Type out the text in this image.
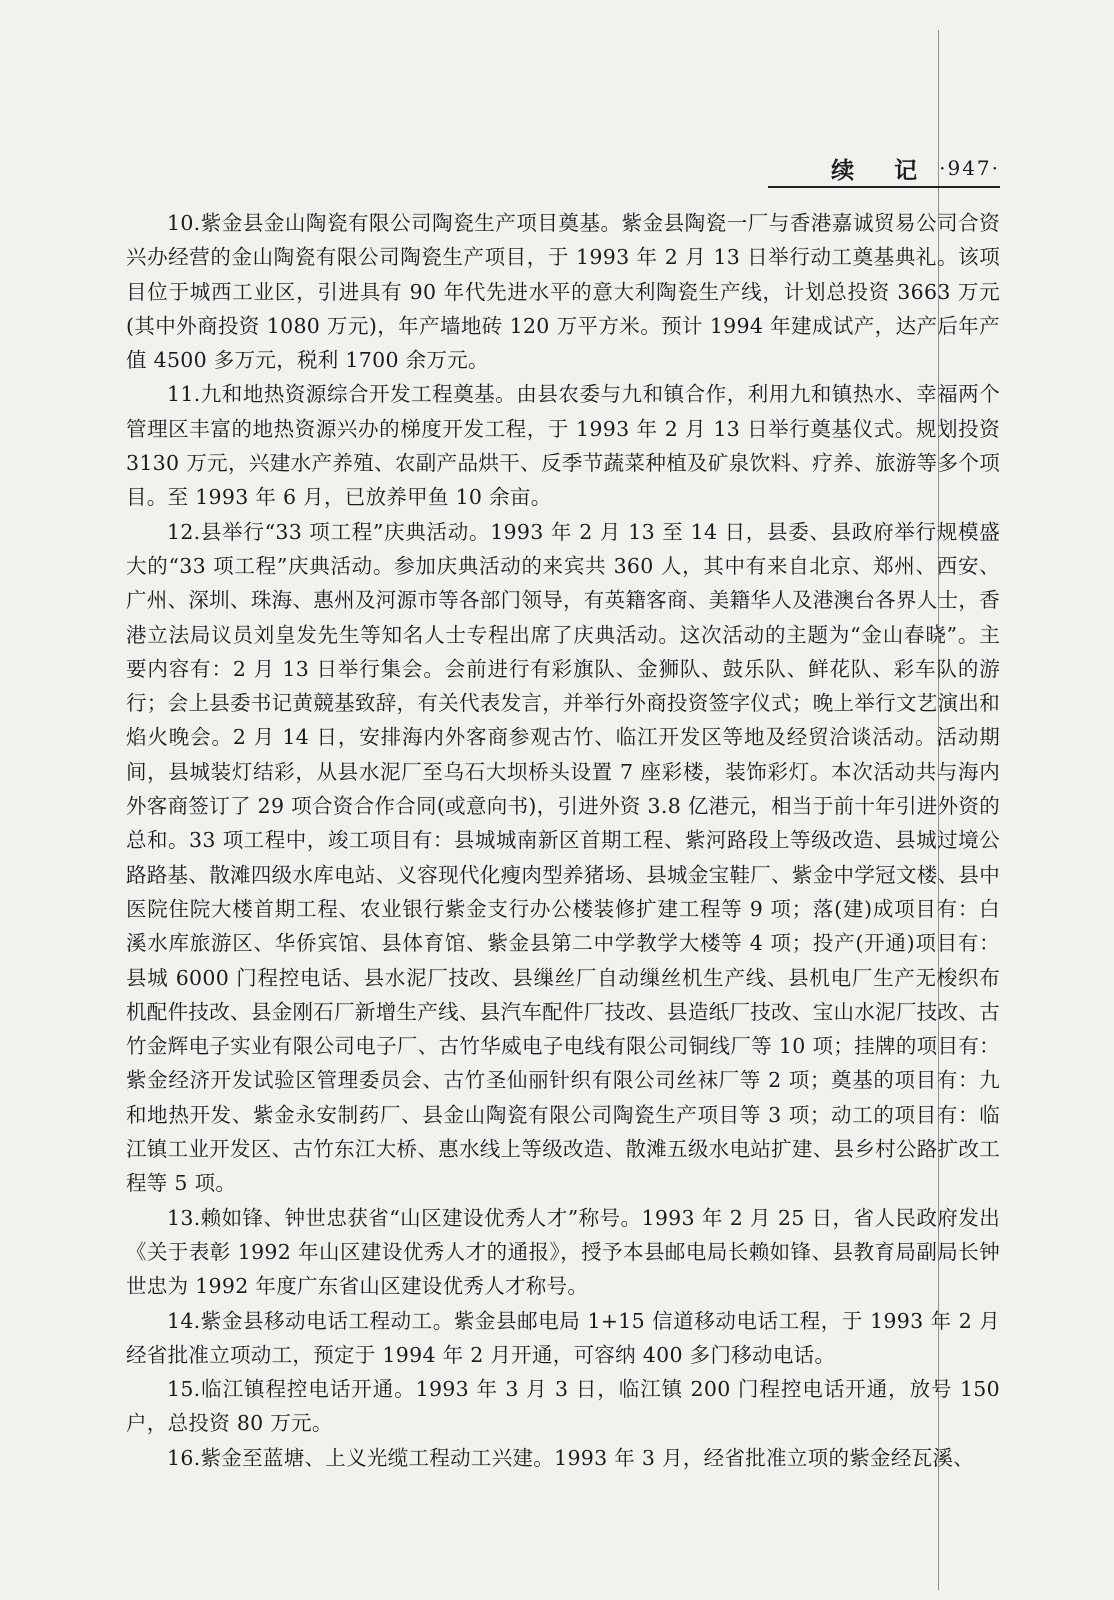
续 记 ·947·

10.紫金县金山陶瓷有限公司陶瓷生产项目奠基。紫金县陶瓷一厂与香港嘉诚贸易公司合资兴办经营的金山陶瓷有限公司陶瓷生产项目，于 1993 年 2 月 13 日举行动工奠基典礼。该项目位于城西工业区，引进具有 90 年代先进水平的意大利陶瓷生产线，计划总投资 3663 万元(其中外商投资 1080 万元)，年产墙地砖 120 万平方米。预计 1994 年建成试产，达产后年产值 4500 多万元，税利 1700 余万元。

11.九和地热资源综合开发工程奠基。由县农委与九和镇合作，利用九和镇热水、幸福两个管理区丰富的地热资源兴办的梯度开发工程，于 1993 年 2 月 13 日举行奠基仪式。规划投资 3130 万元，兴建水产养殖、农副产品烘干、反季节蔬菜种植及矿泉饮料、疗养、旅游等多个项目。至 1993 年 6 月，已放养甲鱼 10 余亩。

12.县举行“33 项工程”庆典活动。1993 年 2 月 13 至 14 日，县委、县政府举行规模盛大的“33 项工程”庆典活动。参加庆典活动的来宾共 360 人，其中有来自北京、郑州、西安、广州、深圳、珠海、惠州及河源市等各部门领导，有英籍客商、美籍华人及港澳台各界人士，香港立法局议员刘皇发先生等知名人士专程出席了庆典活动。这次活动的主题为“金山春晓”。主要内容有：2 月 13 日举行集会。会前进行有彩旗队、金狮队、鼓乐队、鲜花队、彩车队的游行；会上县委书记黄競基致辞，有关代表发言，并举行外商投资签字仪式；晚上举行文艺演出和焰火晚会。2 月 14 日，安排海内外客商参观古竹、临江开发区等地及经贸洽谈活动。活动期间，县城装灯结彩，从县水泥厂至乌石大坝桥头设置 7 座彩楼，装饰彩灯。本次活动共与海内外客商签订了 29 项合资合作合同(或意向书)，引进外资 3.8 亿港元，相当于前十年引进外资的总和。33 项工程中，竣工项目有：县城城南新区首期工程、紫河路段上等级改造、县城过境公路路基、散滩四级水库电站、义容现代化瘦肉型养猪场、县城金宝鞋厂、紫金中学冠文楼、县中医院住院大楼首期工程、农业银行紫金支行办公楼装修扩建工程等 9 项；落(建)成项目有：白溪水库旅游区、华侨宾馆、县体育馆、紫金县第二中学教学大楼等 4 项；投产(开通)项目有：县城 6000 门程控电话、县水泥厂技改、县缫丝厂自动缫丝机生产线、县机电厂生产无梭织布机配件技改、县金刚石厂新增生产线、县汽车配件厂技改、县造纸厂技改、宝山水泥厂技改、古竹金辉电子实业有限公司电子厂、古竹华威电子电线有限公司铜线厂等 10 项；挂牌的项目有：紫金经济开发试验区管理委员会、古竹圣仙丽针织有限公司丝袜厂等 2 项；奠基的项目有：九和地热开发、紫金永安制药厂、县金山陶瓷有限公司陶瓷生产项目等 3 项；动工的项目有：临江镇工业开发区、古竹东江大桥、惠水线上等级改造、散滩五级水电站扩建、县乡村公路扩改工程等 5 项。

13.赖如锋、钟世忠获省“山区建设优秀人才”称号。1993 年 2 月 25 日，省人民政府发出《关于表彰 1992 年山区建设优秀人才的通报》，授予本县邮电局长赖如锋、县教育局副局长钟世忠为 1992 年度广东省山区建设优秀人才称号。

14.紫金县移动电话工程动工。紫金县邮电局 1+15 信道移动电话工程，于 1993 年 2 月经省批准立项动工，预定于 1994 年 2 月开通，可容纳 400 多门移动电话。

15.临江镇程控电话开通。1993 年 3 月 3 日，临江镇 200 门程控电话开通，放号 150 户，总投资 80 万元。

16.紫金至蓝塘、上义光缆工程动工兴建。1993 年 3 月，经省批准立项的紫金经瓦溪、
